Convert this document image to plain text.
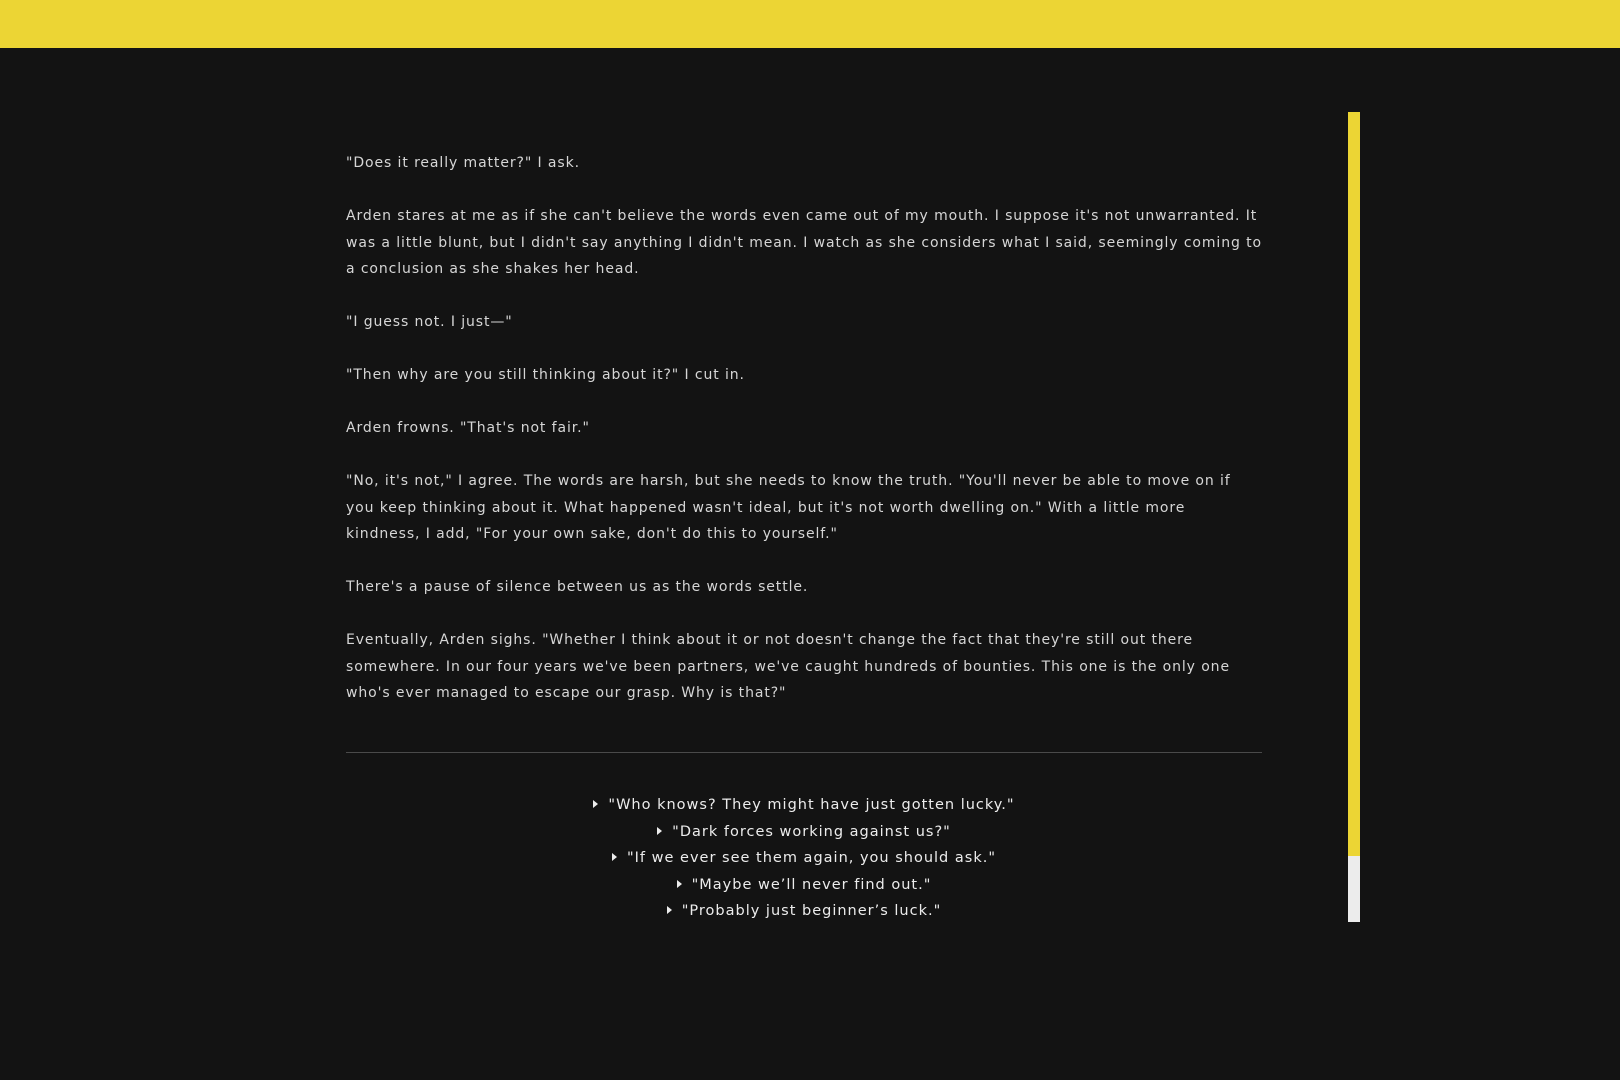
"Does it really matter?" I ask.

Arden stares at me as if she can't believe the words even came out of my mouth. I suppose it's not unwarranted. It was a little blunt, but I didn't say anything I didn't mean. I watch as she considers what I said, seemingly coming to a conclusion as she shakes her head.

"I guess not. I just—"

"Then why are you still thinking about it?" I cut in.

Arden frowns. "That's not fair."

"No, it's not," I agree. The words are harsh, but she needs to know the truth. "You'll never be able to move on if you keep thinking about it. What happened wasn't ideal, but it's not worth dwelling on." With a little more kindness, I add, "For your own sake, don't do this to yourself."

There's a pause of silence between us as the words settle.

Eventually, Arden sighs. "Whether I think about it or not doesn't change the fact that they're still out there somewhere. In our four years we've been partners, we've caught hundreds of bounties. This one is the only one who's ever managed to escape our grasp. Why is that?"

"Who knows? They might have just gotten lucky."
"Dark forces working against us?"
"If we ever see them again, you should ask."
"Maybe we’ll never find out."
"Probably just beginner’s luck."
